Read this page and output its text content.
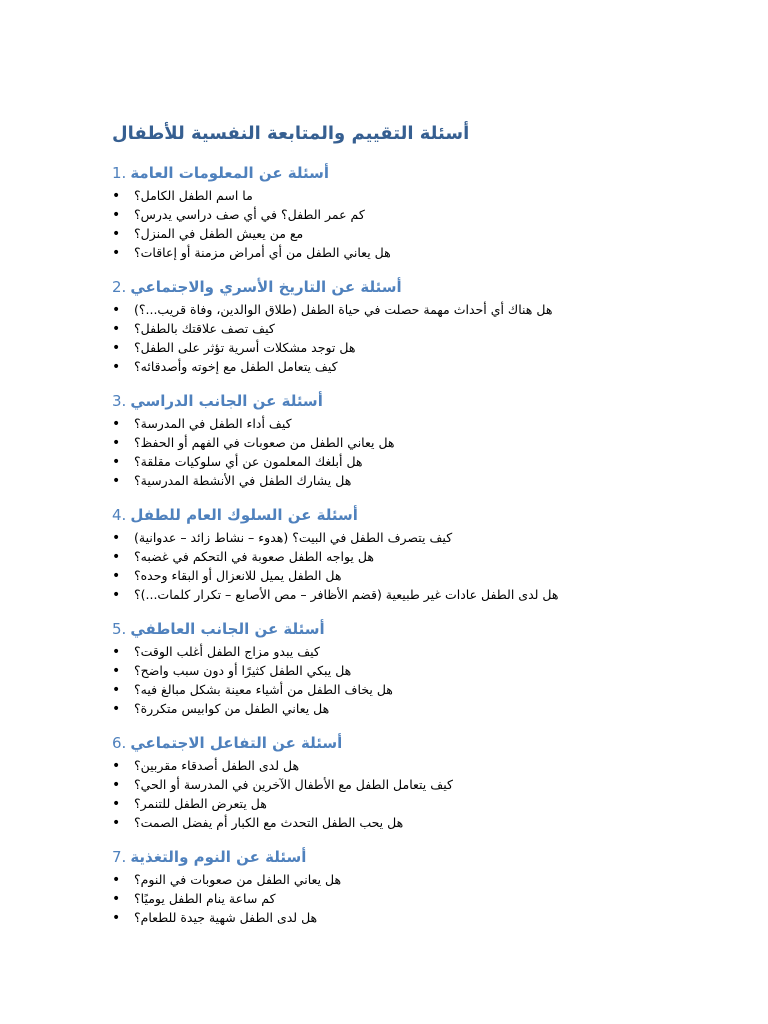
أسئلة التقييم والمتابعة النفسية للأطفال
1. أسئلة عن المعلومات العامة
•	ما اسم الطفل الكامل؟
•	كم عمر الطفل؟ في أي صف دراسي يدرس؟
•	مع من يعيش الطفل في المنزل؟
•	هل يعاني الطفل من أي أمراض مزمنة أو إعاقات؟
2. أسئلة عن التاريخ الأسري والاجتماعي
•	هل هناك أي أحداث مهمة حصلت في حياة الطفل (طلاق الوالدين، وفاة قريب...؟)
•	كيف تصف علاقتك بالطفل؟
•	هل توجد مشكلات أسرية تؤثر على الطفل؟
•	كيف يتعامل الطفل مع إخوته وأصدقائه؟
3. أسئلة عن الجانب الدراسي
•	كيف أداء الطفل في المدرسة؟
•	هل يعاني الطفل من صعوبات في الفهم أو الحفظ؟
•	هل أبلغك المعلمون عن أي سلوكيات مقلقة؟
•	هل يشارك الطفل في الأنشطة المدرسية؟
4. أسئلة عن السلوك العام للطفل
•	كيف يتصرف الطفل في البيت؟ (هدوء – نشاط زائد – عدوانية)
•	هل يواجه الطفل صعوبة في التحكم في غضبه؟
•	هل الطفل يميل للانعزال أو البقاء وحده؟
•	هل لدى الطفل عادات غير طبيعية (قضم الأظافر – مص الأصابع – تكرار كلمات...)؟
5. أسئلة عن الجانب العاطفي
•	كيف يبدو مزاج الطفل أغلب الوقت؟
•	هل يبكي الطفل كثيرًا أو دون سبب واضح؟
•	هل يخاف الطفل من أشياء معينة بشكل مبالغ فيه؟
•	هل يعاني الطفل من كوابيس متكررة؟
6. أسئلة عن التفاعل الاجتماعي
•	هل لدى الطفل أصدقاء مقربين؟
•	كيف يتعامل الطفل مع الأطفال الآخرين في المدرسة أو الحي؟
•	هل يتعرض الطفل للتنمر؟
•	هل يحب الطفل التحدث مع الكبار أم يفضل الصمت؟
7. أسئلة عن النوم والتغذية
•	هل يعاني الطفل من صعوبات في النوم؟
•	كم ساعة ينام الطفل يوميًا؟
•	هل لدى الطفل شهية جيدة للطعام؟
